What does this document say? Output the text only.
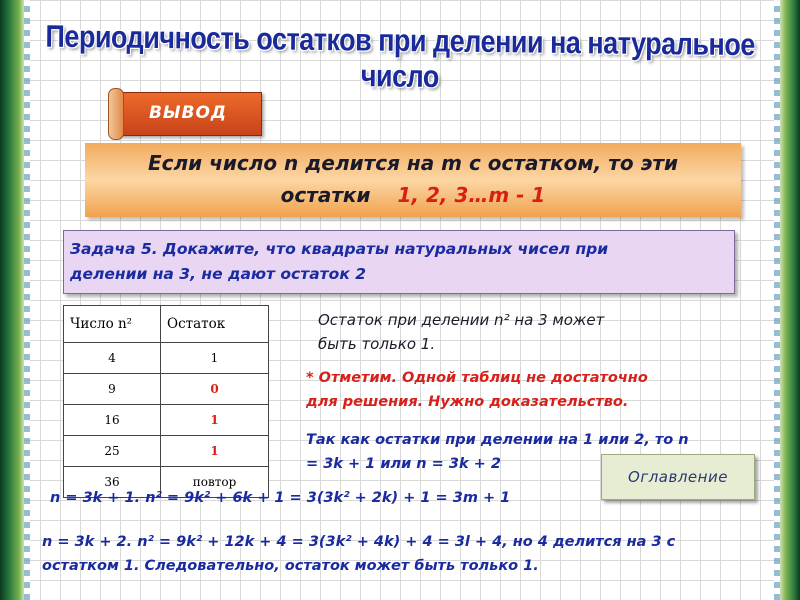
Периодичность остатков при делении на натуральное число
ВЫВОД
Если число n делится на m с остатком, то эти
остатки 1, 2, 3…m - 1
Задача 5. Докажите, что квадраты натуральных чисел при
делении на 3, не дают остаток 2
Число n²	Остаток
4	1
9	0
16	1
25	1
36	повтор
Остаток при делении n² на 3 может
быть только 1.
* Отметим. Одной таблиц не достаточно
для решения. Нужно доказательство.
Так как остатки при делении на 1 или 2, то n
= 3k + 1 или n = 3k + 2
Оглавление
n = 3k + 1. n² = 9k² + 6k + 1 = 3(3k² + 2k) + 1 = 3m + 1
n = 3k + 2. n² = 9k² + 12k + 4 = 3(3k² + 4k) + 4 = 3l + 4, но 4 делится на 3 с
остатком 1. Следовательно, остаток может быть только 1.
